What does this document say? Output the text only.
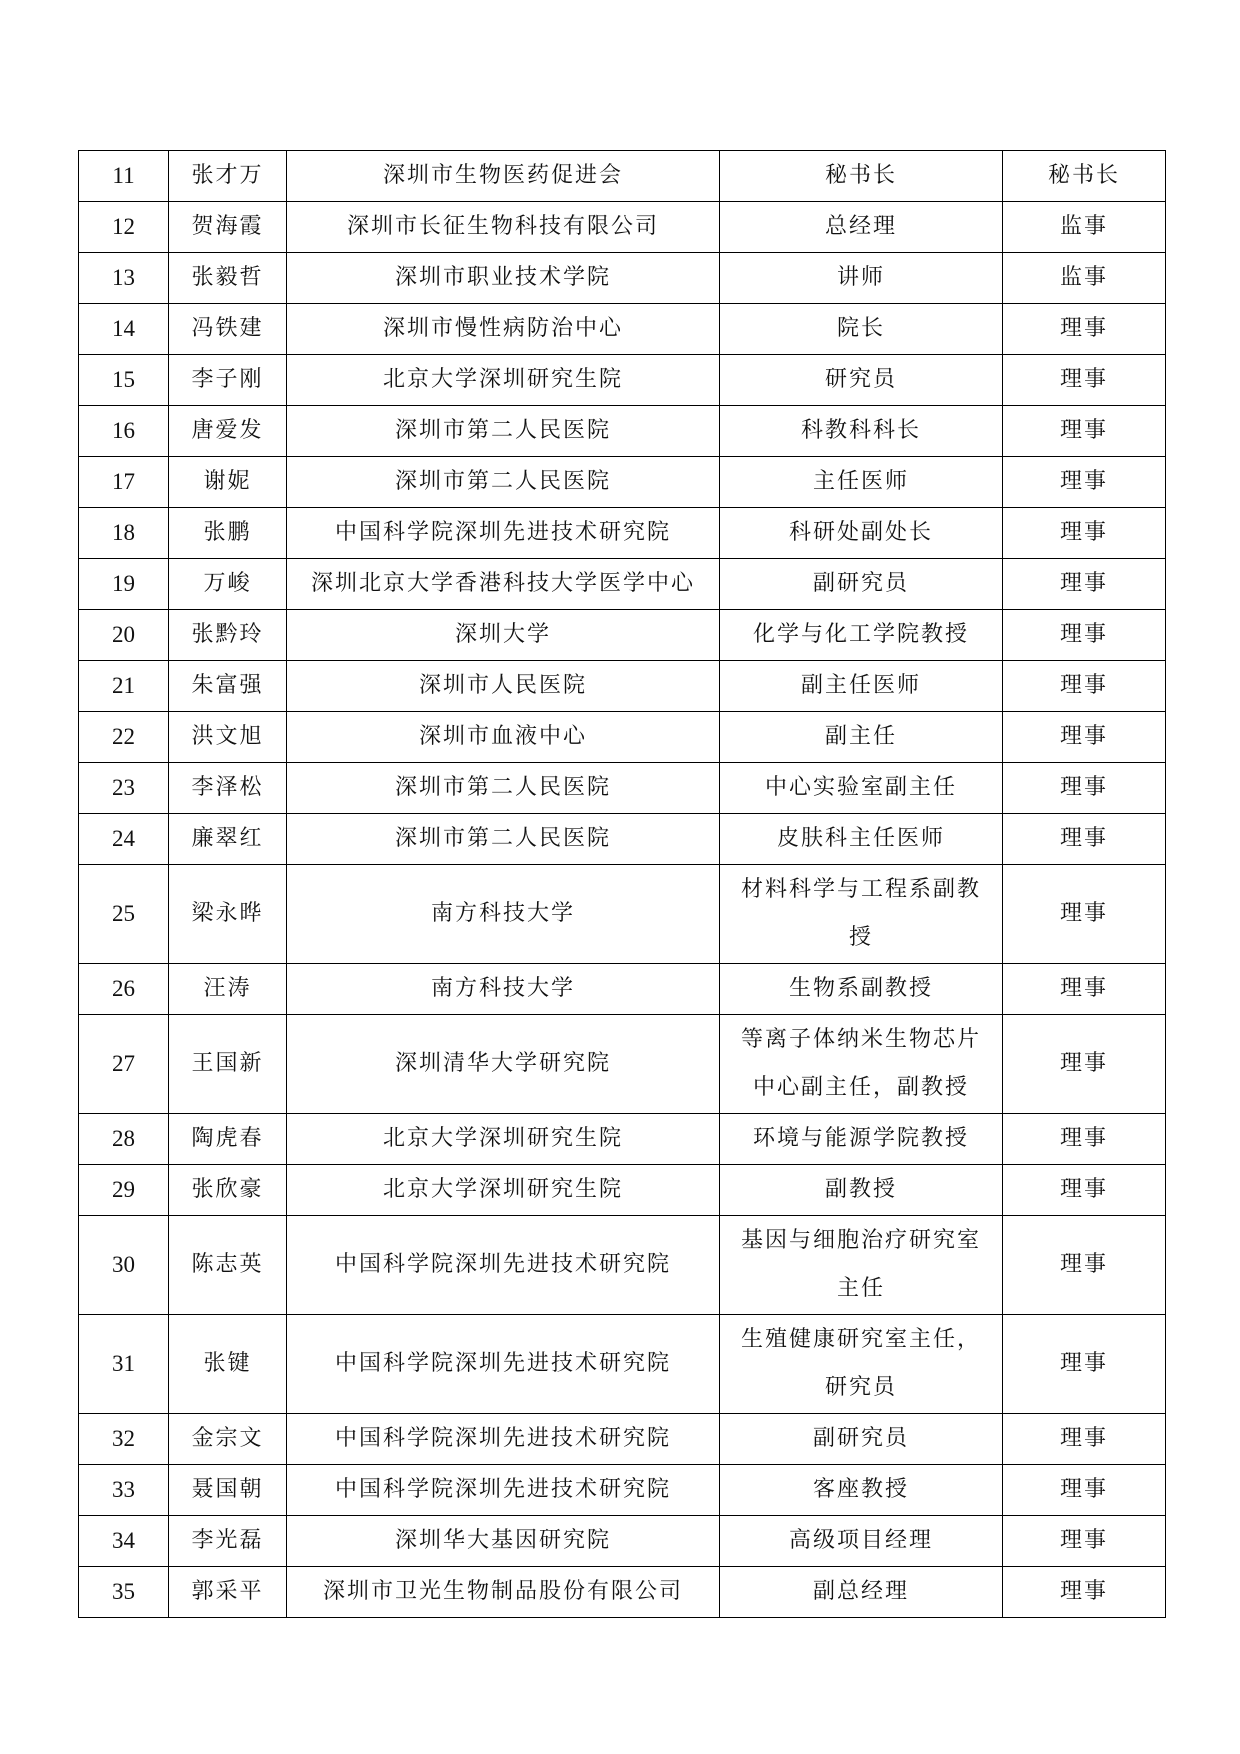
11	张才万	深圳市生物医药促进会	秘书长	秘书长
12	贺海霞	深圳市长征生物科技有限公司	总经理	监事
13	张毅哲	深圳市职业技术学院	讲师	监事
14	冯铁建	深圳市慢性病防治中心	院长	理事
15	李子刚	北京大学深圳研究生院	研究员	理事
16	唐爱发	深圳市第二人民医院	科教科科长	理事
17	谢妮	深圳市第二人民医院	主任医师	理事
18	张鹏	中国科学院深圳先进技术研究院	科研处副处长	理事
19	万峻	深圳北京大学香港科技大学医学中心	副研究员	理事
20	张黔玲	深圳大学	化学与化工学院教授	理事
21	朱富强	深圳市人民医院	副主任医师	理事
22	洪文旭	深圳市血液中心	副主任	理事
23	李泽松	深圳市第二人民医院	中心实验室副主任	理事
24	廉翠红	深圳市第二人民医院	皮肤科主任医师	理事
25	梁永晔	南方科技大学	材料科学与工程系副教授	理事
26	汪涛	南方科技大学	生物系副教授	理事
27	王国新	深圳清华大学研究院	等离子体纳米生物芯片中心副主任，副教授	理事
28	陶虎春	北京大学深圳研究生院	环境与能源学院教授	理事
29	张欣豪	北京大学深圳研究生院	副教授	理事
30	陈志英	中国科学院深圳先进技术研究院	基因与细胞治疗研究室主任	理事
31	张键	中国科学院深圳先进技术研究院	生殖健康研究室主任，研究员	理事
32	金宗文	中国科学院深圳先进技术研究院	副研究员	理事
33	聂国朝	中国科学院深圳先进技术研究院	客座教授	理事
34	李光磊	深圳华大基因研究院	高级项目经理	理事
35	郭采平	深圳市卫光生物制品股份有限公司	副总经理	理事
